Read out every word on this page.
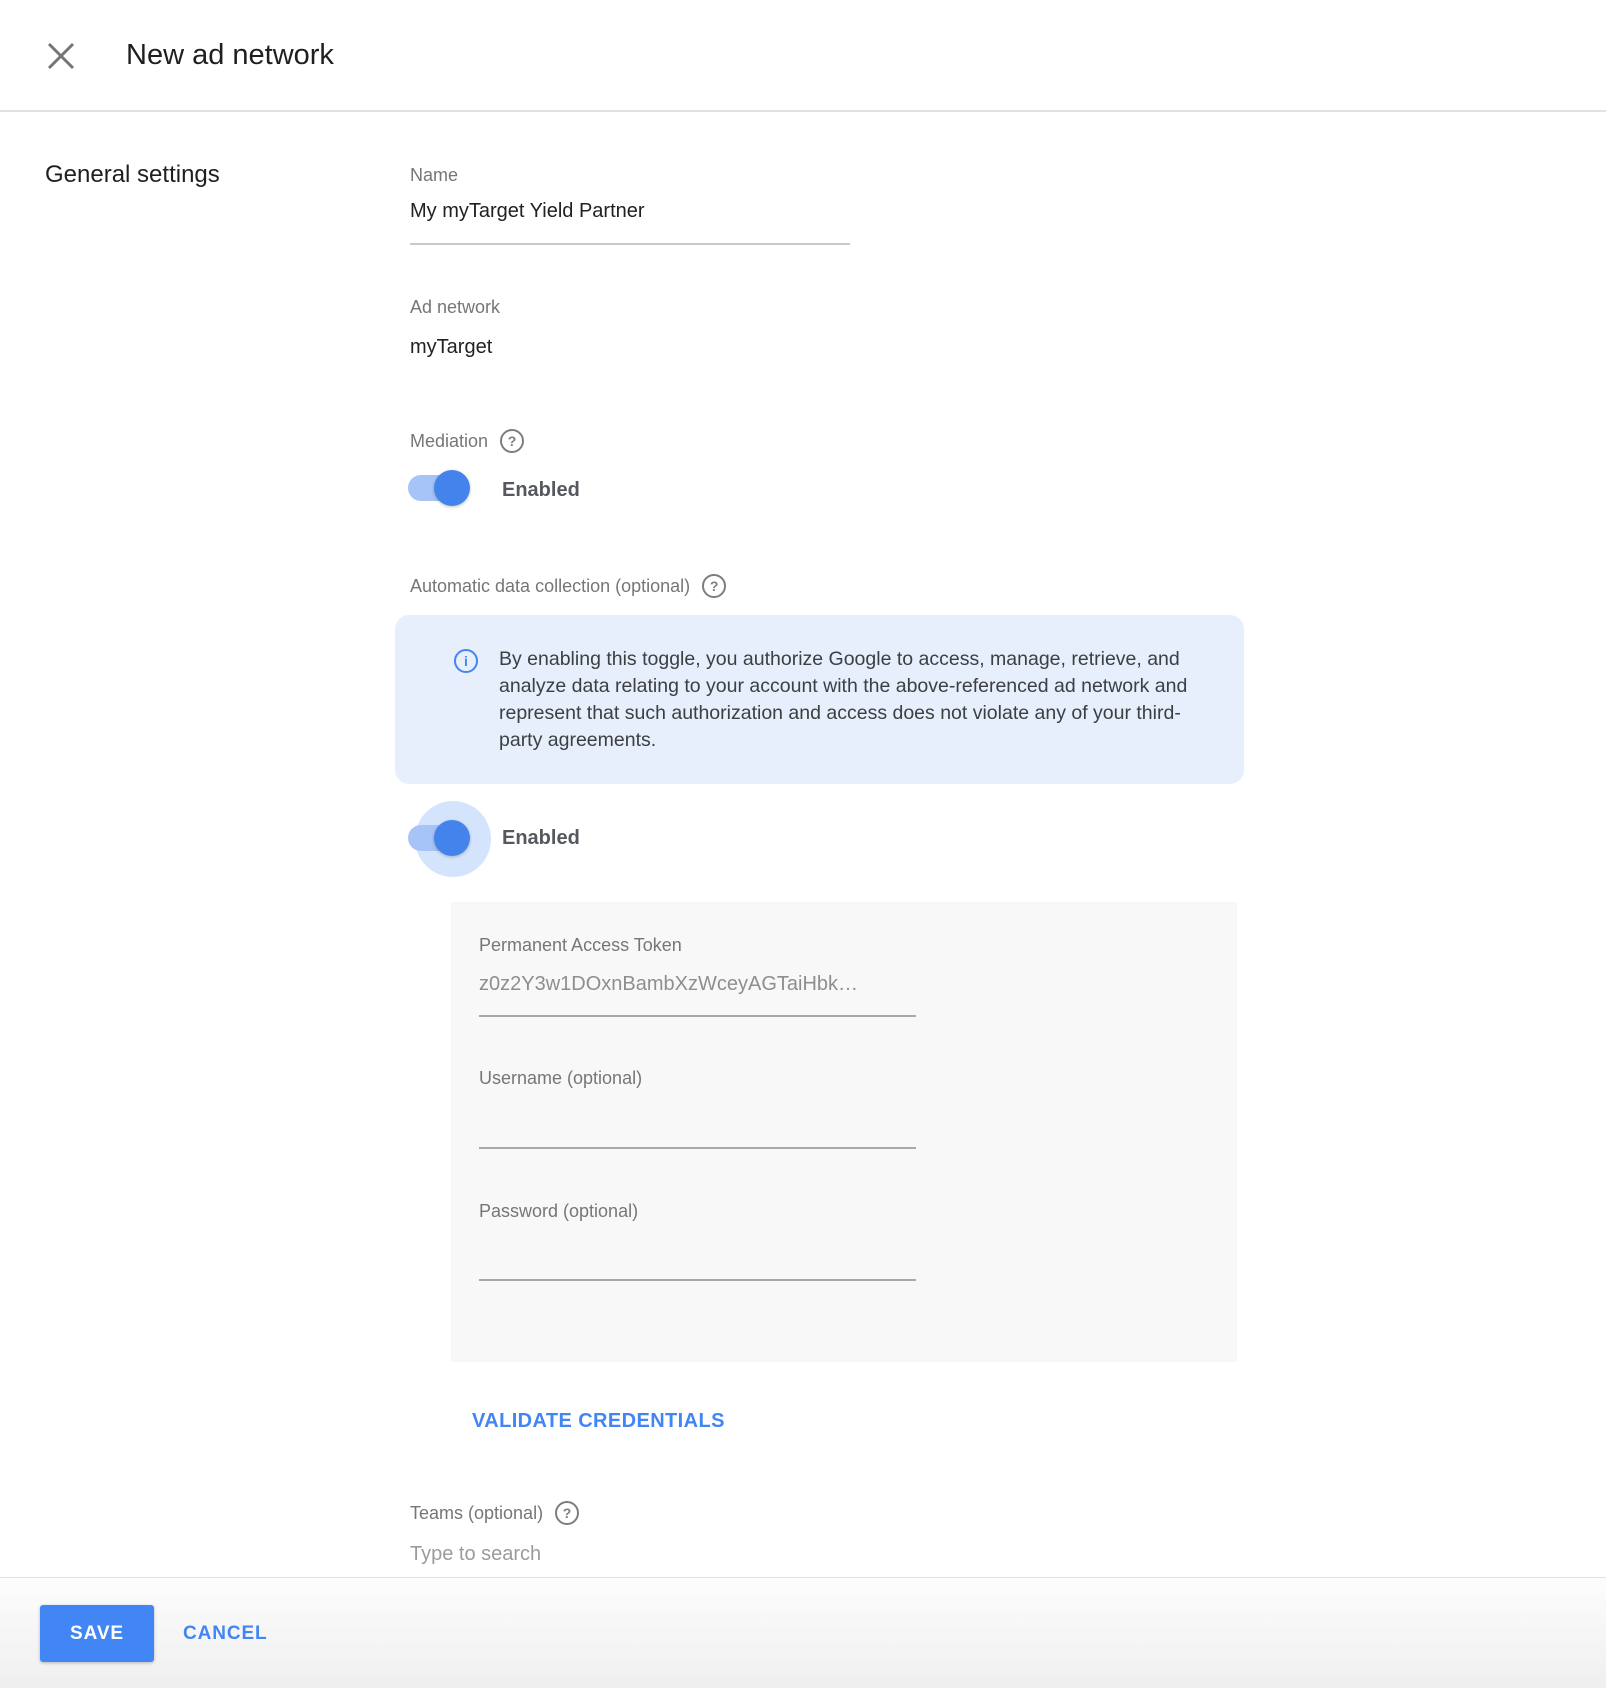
New ad network
General settings	Name
My myTarget Yield Partner
Ad network
myTarget
Mediation	?
Enabled
Automatic data collection (optional)	?
i	By enabling this toggle, you authorize Google to access, manage, retrieve, and analyze data relating to your account with the above-referenced ad network and represent that such authorization and access does not violate any of your third-party agreements.
Enabled
Permanent Access Token
z0z2Y3w1DOxnBambXzWceyAGTaiHbk…
Username (optional)
Password (optional)
VALIDATE CREDENTIALS
Teams (optional)	?
Type to search
SAVE	CANCEL
